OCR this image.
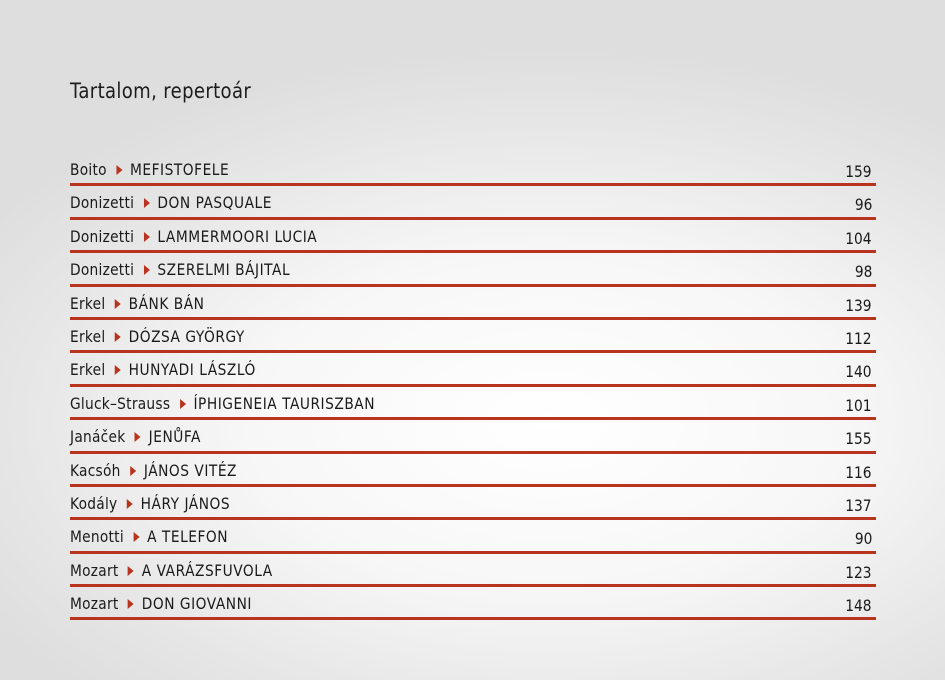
Tartalom, repertoár
Boito MEFISTOFELE	159
Donizetti DON PASQUALE	96
Donizetti LAMMERMOORI LUCIA	104
Donizetti SZERELMI BÁJITAL	98
Erkel BÁNK BÁN	139
Erkel DÓZSA GYÖRGY	112
Erkel HUNYADI LÁSZLÓ	140
Gluck–Strauss ÍPHIGENEIA TAURISZBAN	101
Janáček JENŮFA	155
Kacsóh JÁNOS VITÉZ	116
Kodály HÁRY JÁNOS	137
Menotti A TELEFON	90
Mozart A VARÁZSFUVOLA	123
Mozart DON GIOVANNI	148
